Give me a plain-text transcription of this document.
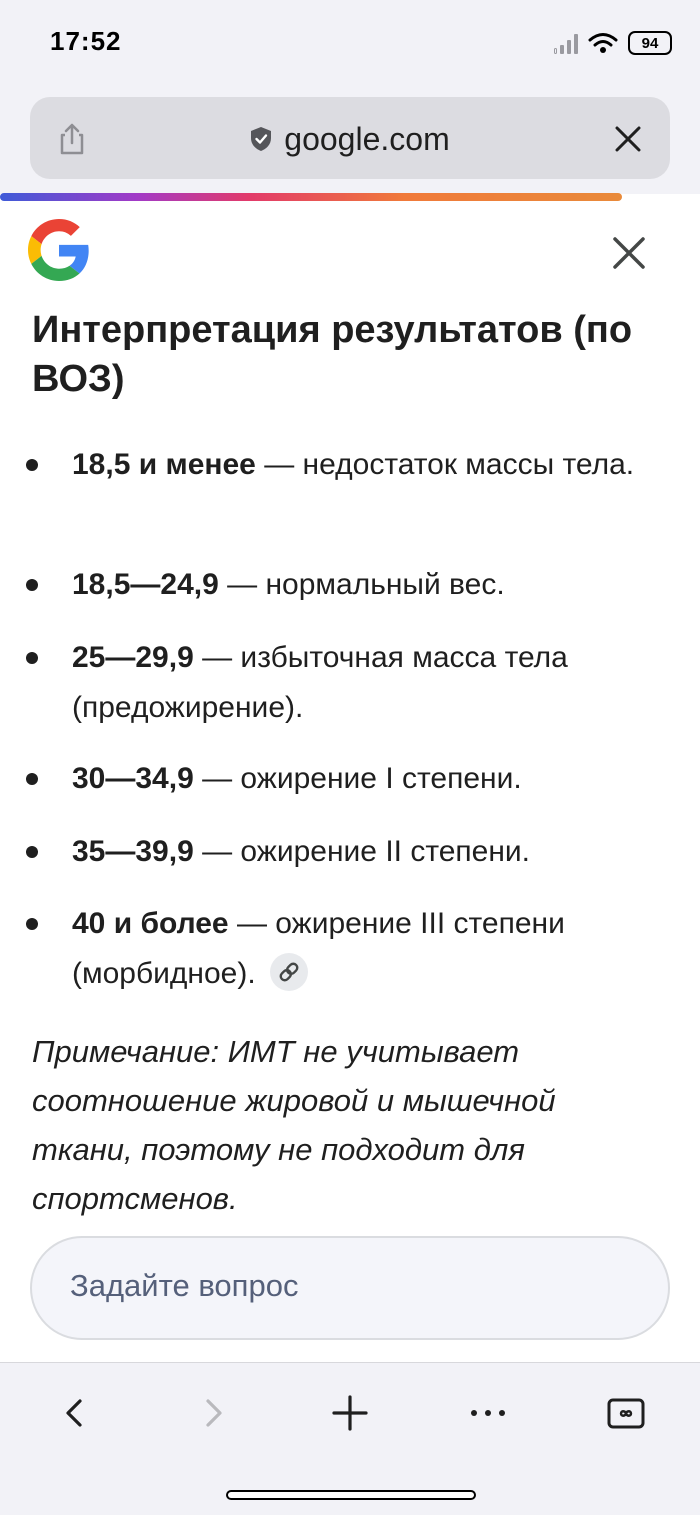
17:52	94
google.com
Интерпретация результатов (по ВОЗ)
18,5 и менее — недостаток массы тела.
18,5—24,9 — нормальный вес.
25—29,9 — избыточная масса тела (предожирение).
30—34,9 — ожирение I степени.
35—39,9 — ожирение II степени.
40 и более — ожирение III степени (морбидное).
Примечание: ИМТ не учитывает соотношение жировой и мышечной ткани, поэтому не подходит для спортсменов.
Задайте вопрос
